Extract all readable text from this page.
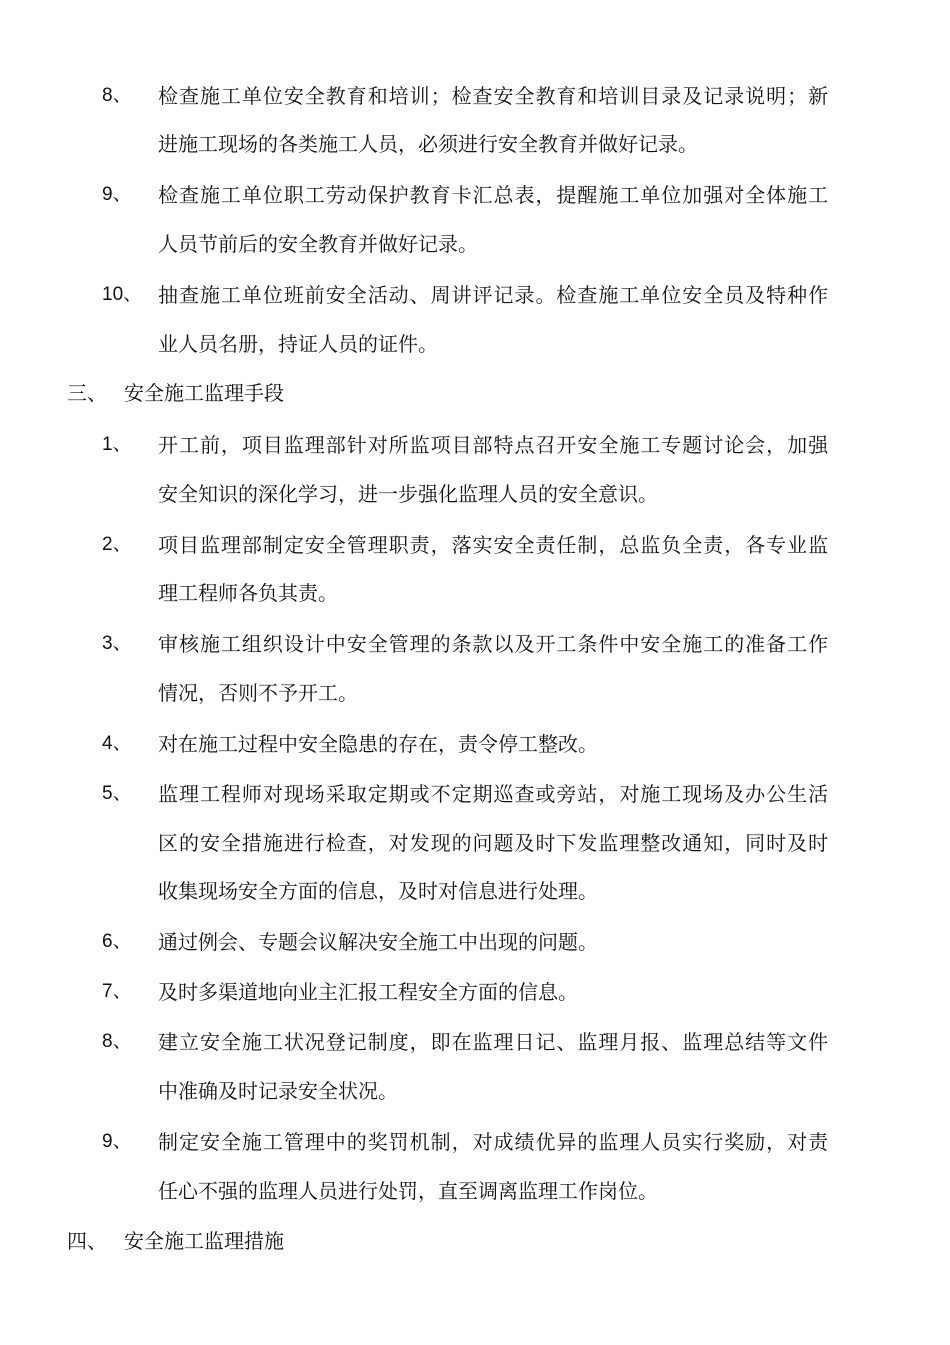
8、 检查施工单位安全教育和培训；检查安全教育和培训目录及记录说明；新
进施工现场的各类施工人员，必须进行安全教育并做好记录。
9、 检查施工单位职工劳动保护教育卡汇总表，提醒施工单位加强对全体施工
人员节前后的安全教育并做好记录。
10、 抽查施工单位班前安全活动、周讲评记录。检查施工单位安全员及特种作
业人员名册，持证人员的证件。
三、 安全施工监理手段
1、 开工前，项目监理部针对所监项目部特点召开安全施工专题讨论会，加强
安全知识的深化学习，进一步强化监理人员的安全意识。
2、 项目监理部制定安全管理职责，落实安全责任制，总监负全责，各专业监
理工程师各负其责。
3、 审核施工组织设计中安全管理的条款以及开工条件中安全施工的准备工作
情况，否则不予开工。
4、 对在施工过程中安全隐患的存在，责令停工整改。
5、 监理工程师对现场采取定期或不定期巡查或旁站，对施工现场及办公生活
区的安全措施进行检查，对发现的问题及时下发监理整改通知，同时及时
收集现场安全方面的信息，及时对信息进行处理。
6、 通过例会、专题会议解决安全施工中出现的问题。
7、 及时多渠道地向业主汇报工程安全方面的信息。
8、 建立安全施工状况登记制度，即在监理日记、监理月报、监理总结等文件
中准确及时记录安全状况。
9、 制定安全施工管理中的奖罚机制，对成绩优异的监理人员实行奖励，对责
任心不强的监理人员进行处罚，直至调离监理工作岗位。
四、 安全施工监理措施
